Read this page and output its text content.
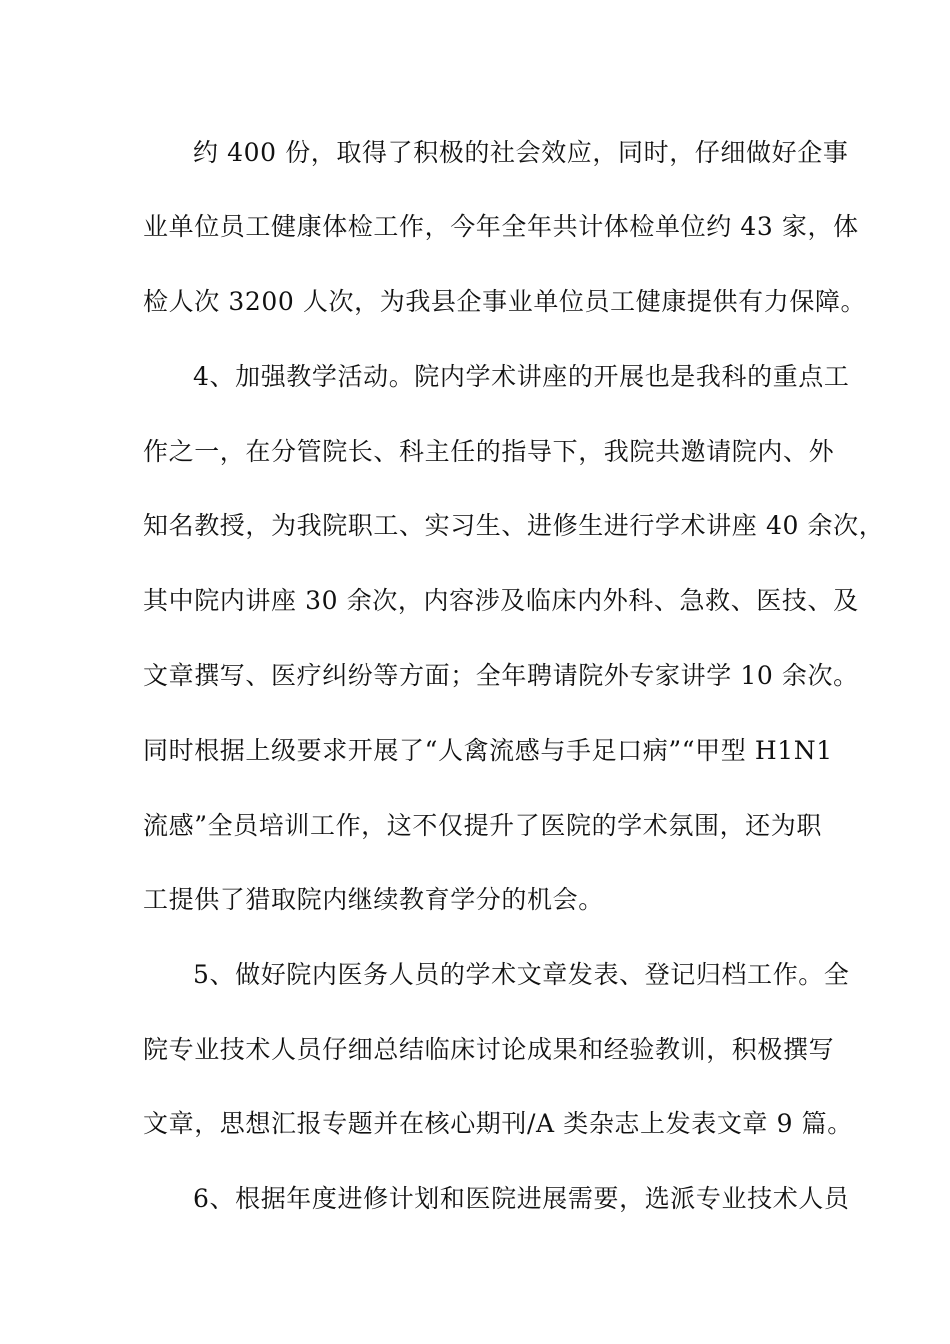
约 400 份，取得了积极的社会效应，同时，仔细做好企事
业单位员工健康体检工作，今年全年共计体检单位约 43 家，体
检人次 3200 人次，为我县企事业单位员工健康提供有力保障。
4、加强教学活动。院内学术讲座的开展也是我科的重点工
作之一，在分管院长、科主任的指导下，我院共邀请院内、外
知名教授，为我院职工、实习生、进修生进行学术讲座 40 余次，
其中院内讲座 30 余次，内容涉及临床内外科、急救、医技、及
文章撰写、医疗纠纷等方面；全年聘请院外专家讲学 10 余次。
同时根据上级要求开展了“人禽流感与手足口病”“甲型 H1N1
流感”全员培训工作，这不仅提升了医院的学术氛围，还为职
工提供了猎取院内继续教育学分的机会。
5、做好院内医务人员的学术文章发表、登记归档工作。全
院专业技术人员仔细总结临床讨论成果和经验教训，积极撰写
文章，思想汇报专题并在核心期刊/A 类杂志上发表文章 9 篇。
6、根据年度进修计划和医院进展需要，选派专业技术人员
